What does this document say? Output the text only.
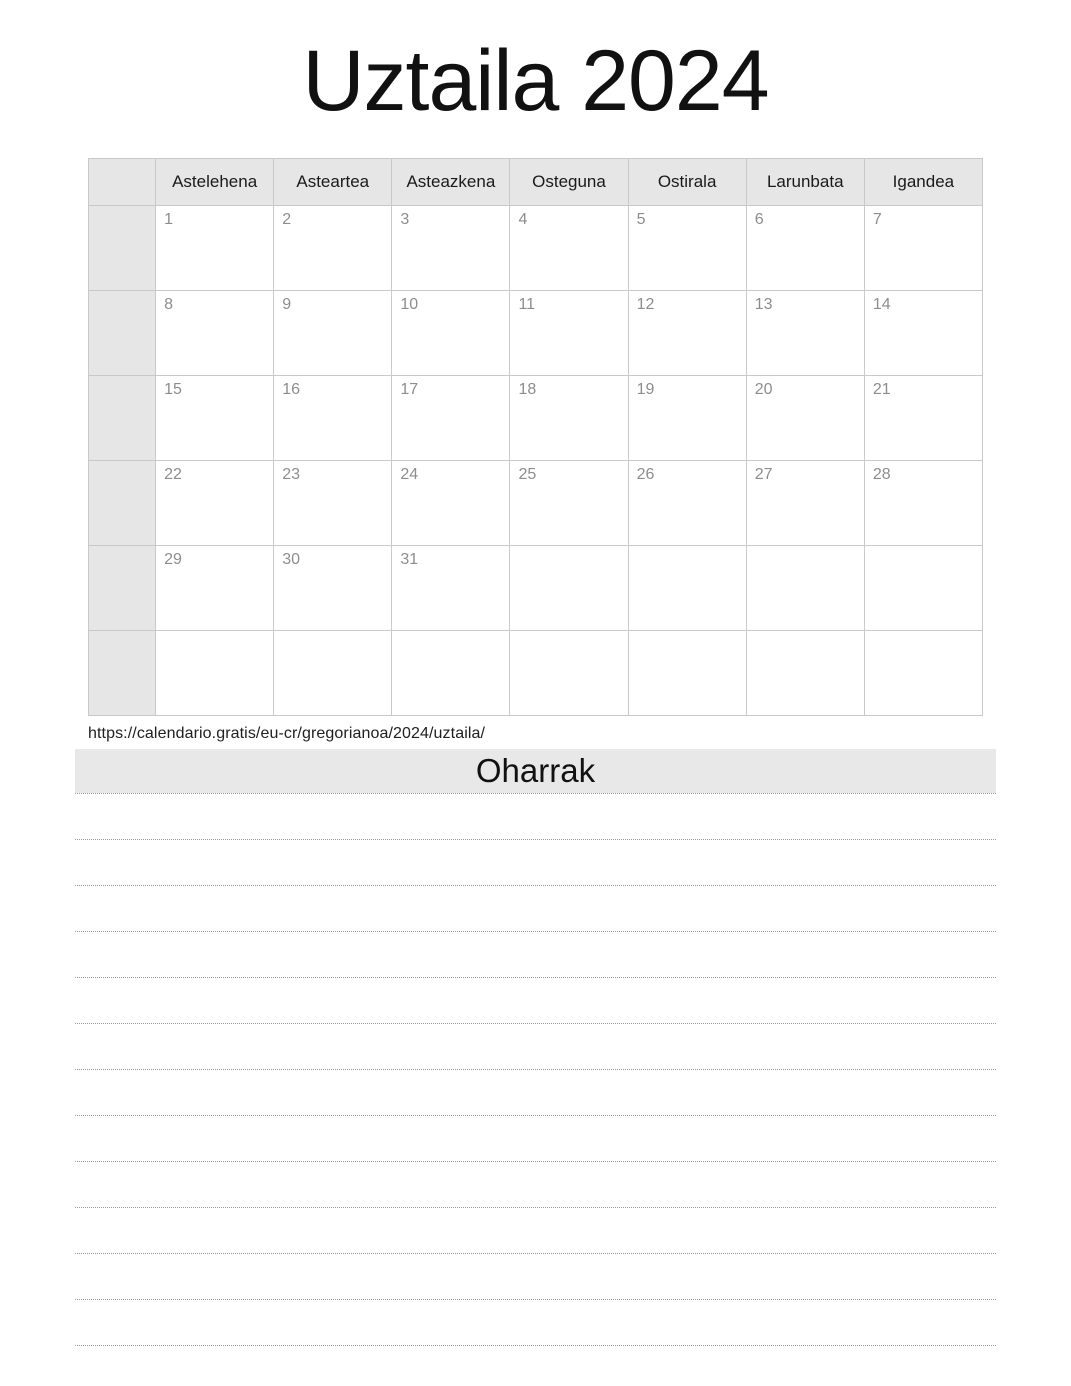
Uztaila 2024
	Astelehena	Asteartea	Asteazkena	Osteguna	Ostirala	Larunbata	Igandea

	1	2	3	4	5	6	7

	8	9	10	11	12	13	14

	15	16	17	18	19	20	21

	22	23	24	25	26	27	28

	29	30	31				

https://calendario.gratis/eu-cr/gregorianoa/2024/uztaila/
Oharrak
